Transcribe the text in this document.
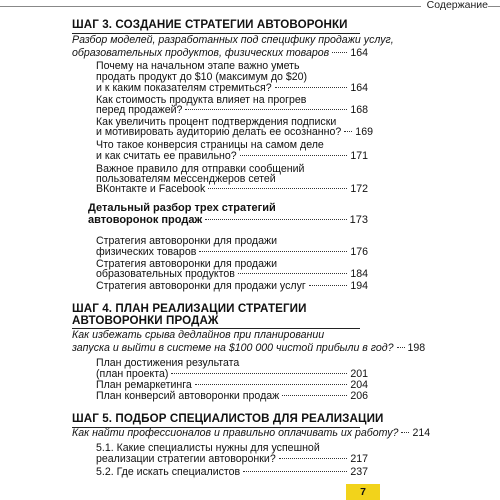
Содержание
ШАГ 3. СОЗДАНИЕ СТРАТЕГИИ АВТОВОРОНКИ
Разбор моделей, разработанных под специфику продажи услуг,
образовательных продуктов, физических товаров 164
Почему на начальном этапе важно уметь
продать продукт до $10 (максимум до $20)
и к каким показателям стремиться?	164
Как стоимость продукта влияет на прогрев
перед продажей?	168
Как увеличить процент подтверждения подписки
и мотивировать аудиторию делать ее осознанно? 169
Что такое конверсия страницы на самом деле
и как считать ее правильно?	171
Важное правило для отправки сообщений
пользователям мессенджеров сетей
ВКонтакте и Facebook	172
Детальный разбор трех стратегий
автоворонок продаж	173
Стратегия автоворонки для продажи
физических товаров	176
Стратегия автоворонки для продажи
образовательных продуктов	184
Стратегия автоворонки для продажи услуг	194
ШАГ 4. ПЛАН РЕАЛИЗАЦИИ СТРАТЕГИИ
АВТОВОРОНКИ ПРОДАЖ
Как избежать срыва дедлайнов при планировании
запуска и выйти в системе на $100 000 чистой прибыли в год? 198
План достижения результата
(план проекта)	201
План ремаркетинга	204
План конверсий автоворонки продаж	206
ШАГ 5. ПОДБОР СПЕЦИАЛИСТОВ ДЛЯ РЕАЛИЗАЦИИ
Как найти профессионалов и правильно оплачивать их работу? 214
5.1. Какие специалисты нужны для успешной
реализации стратегии автоворонки?	217
5.2. Где искать специалистов	237
7
